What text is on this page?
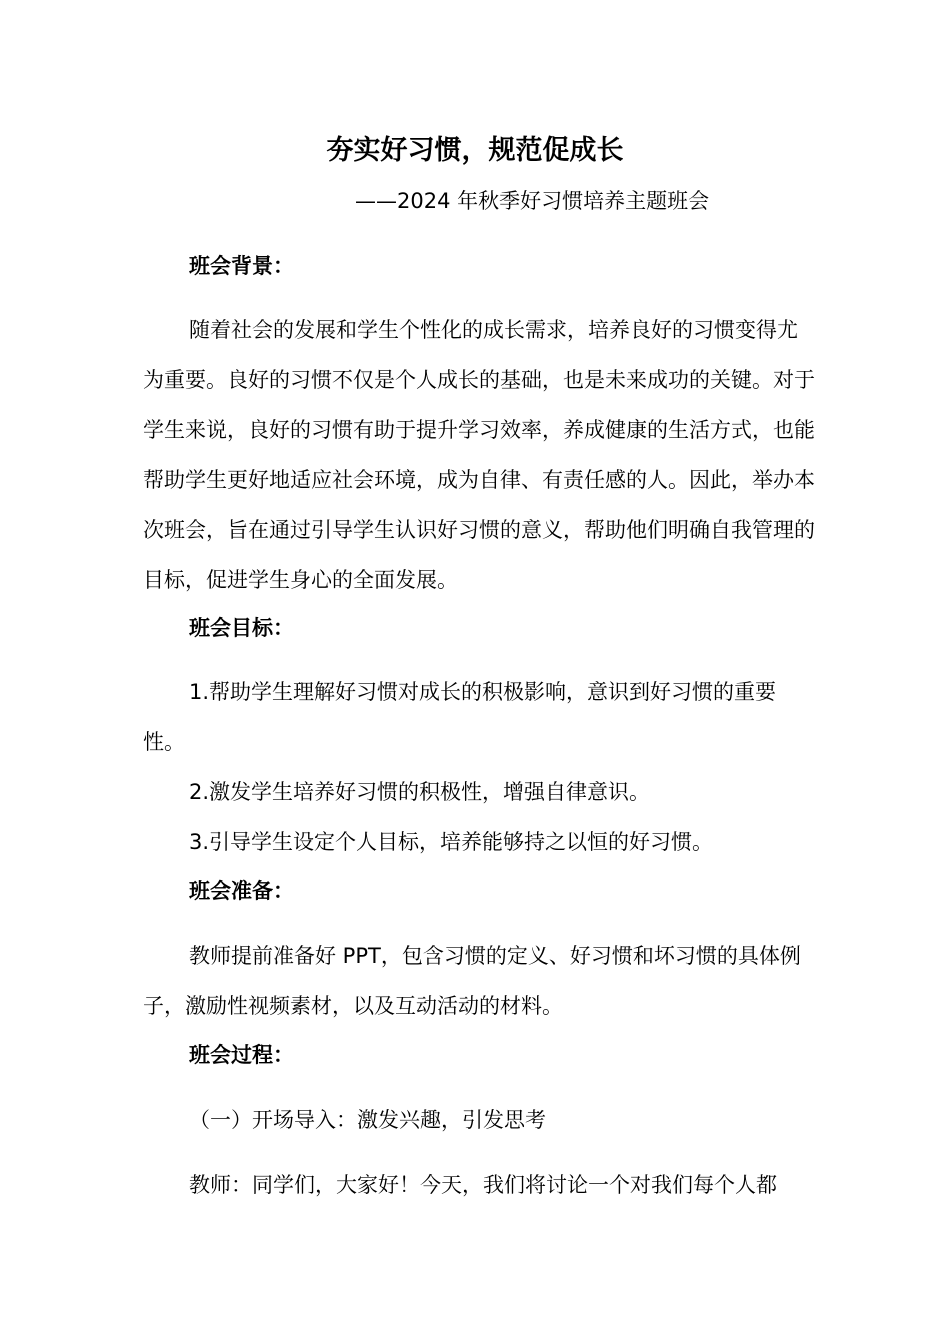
夯实好习惯，规范促成长
——2024 年秋季好习惯培养主题班会
班会背景：
随着社会的发展和学生个性化的成长需求，培养良好的习惯变得尤为重要。良好的习惯不仅是个人成长的基础，也是未来成功的关键。对于学生来说，良好的习惯有助于提升学习效率，养成健康的生活方式，也能帮助学生更好地适应社会环境，成为自律、有责任感的人。因此，举办本次班会，旨在通过引导学生认识好习惯的意义，帮助他们明确自我管理的目标，促进学生身心的全面发展。
班会目标：
1.帮助学生理解好习惯对成长的积极影响，意识到好习惯的重要性。
2.激发学生培养好习惯的积极性，增强自律意识。
3.引导学生设定个人目标，培养能够持之以恒的好习惯。
班会准备：
教师提前准备好 PPT，包含习惯的定义、好习惯和坏习惯的具体例子，激励性视频素材，以及互动活动的材料。
班会过程：
（一）开场导入：激发兴趣，引发思考
教师：同学们，大家好！今天，我们将讨论一个对我们每个人都
